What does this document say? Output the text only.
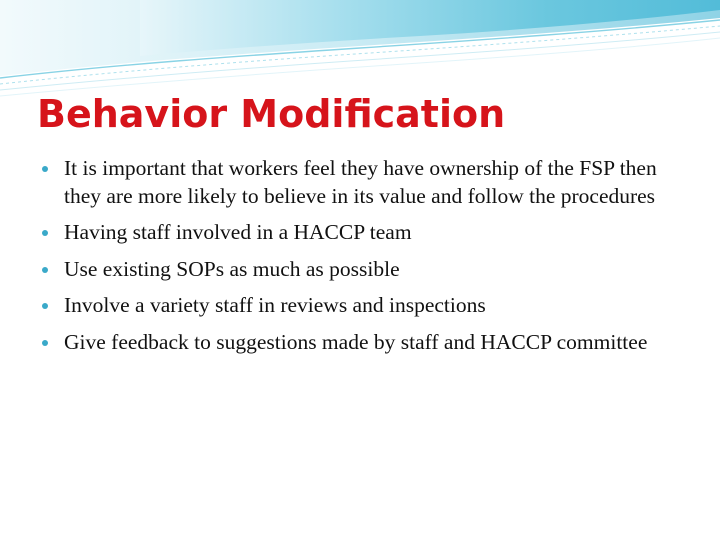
Behavior Modification
It is important that workers feel they have ownership of the FSP then they are more likely to believe in its value and follow the procedures
Having staff involved in a HACCP team
Use existing SOPs as much as possible
Involve a variety staff in reviews and inspections
Give feedback to suggestions made by staff and HACCP committee
